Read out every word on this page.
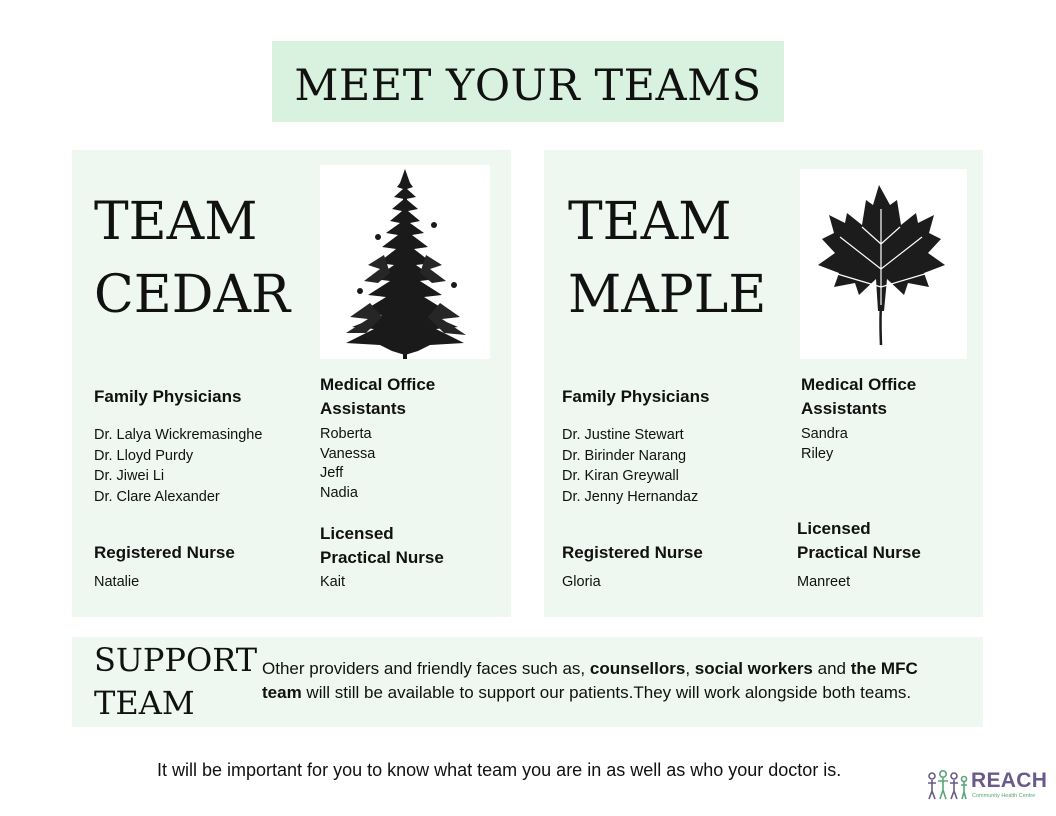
MEET YOUR TEAMS
TEAM
CEDAR
Family Physicians
Dr. Lalya Wickremasinghe
Dr. Lloyd Purdy
Dr. Jiwei Li
Dr. Clare Alexander
Medical Office
Assistants
Roberta
Vanessa
Jeff
Nadia
Registered Nurse

Natalie

Licensed
Practical Nurse

Kait

TEAM
MAPLE
Family Physicians
Dr. Justine Stewart
Dr. Birinder Narang
Dr. Kiran Greywall
Dr. Jenny Hernandaz
Medical Office
Assistants
Sandra
Riley
Registered Nurse

Gloria

Licensed
Practical Nurse

Manreet

SUPPORT
TEAM

Other providers and friendly faces such as, counsellors, social workers and the MFC team will still be available to support our patients.They will work alongside both teams.

It will be important for you to know what team you are in as well as who your doctor is.	REACH
Community Health Centre
